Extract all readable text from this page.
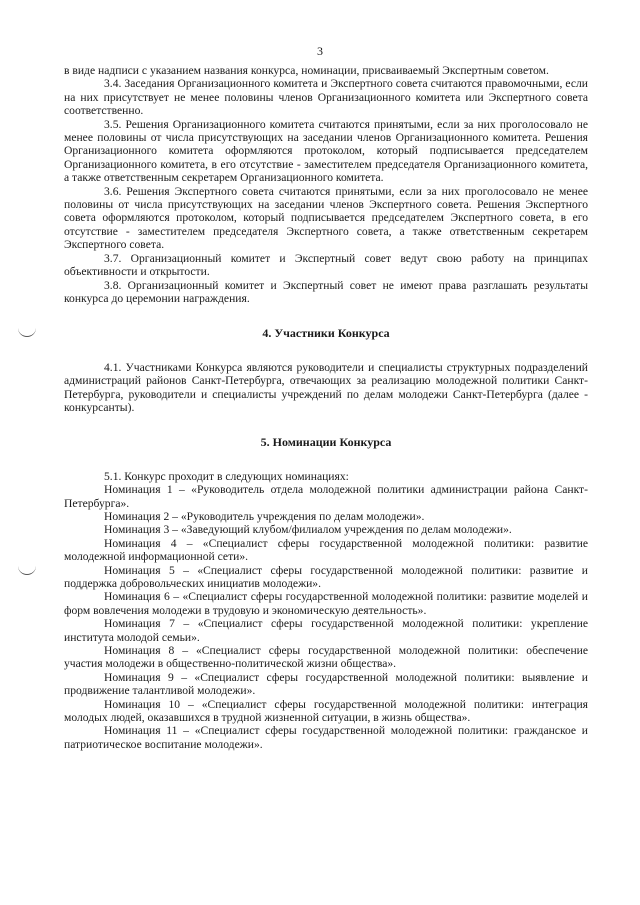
3

в виде надписи с указанием названия конкурса, номинации, присваиваемый Экспертным советом.

3.4. Заседания Организационного комитета и Экспертного совета считаются правомочными, если на них присутствует не менее половины членов Организационного комитета или Экспертного совета соответственно.

3.5. Решения Организационного комитета считаются принятыми, если за них проголосовало не менее половины от числа присутствующих на заседании членов Организационного комитета. Решения Организационного комитета оформляются протоколом, который подписывается председателем Организационного комитета, в его отсутствие - заместителем председателя Организационного комитета, а также ответственным секретарем Организационного комитета.

3.6. Решения Экспертного совета считаются принятыми, если за них проголосовало не менее половины от числа присутствующих на заседании членов Экспертного совета. Решения Экспертного совета оформляются протоколом, который подписывается председателем Экспертного совета, в его отсутствие - заместителем председателя Экспертного совета, а также ответственным секретарем Экспертного совета.

3.7. Организационный комитет и Экспертный совет ведут свою работу на принципах объективности и открытости.

3.8. Организационный комитет и Экспертный совет не имеют права разглашать результаты конкурса до церемонии награждения.

4. Участники Конкурса

4.1. Участниками Конкурса являются руководители и специалисты структурных подразделений администраций районов Санкт-Петербурга, отвечающих за реализацию молодежной политики Санкт-Петербурга, руководители и специалисты учреждений по делам молодежи Санкт-Петербурга (далее - конкурсанты).

5. Номинации Конкурса

5.1. Конкурс проходит в следующих номинациях:

Номинация 1 – «Руководитель отдела молодежной политики администрации района Санкт-Петербурга».

Номинация 2 – «Руководитель учреждения по делам молодежи».

Номинация 3 – «Заведующий клубом/филиалом учреждения по делам молодежи».

Номинация 4 – «Специалист сферы государственной молодежной политики: развитие молодежной информационной сети».

Номинация 5 – «Специалист сферы государственной молодежной политики: развитие и поддержка добровольческих инициатив молодежи».

Номинация 6 – «Специалист сферы государственной молодежной политики: развитие моделей и форм вовлечения молодежи в трудовую и экономическую деятельность».

Номинация 7 – «Специалист сферы государственной молодежной политики: укрепление института молодой семьи».

Номинация 8 – «Специалист сферы государственной молодежной политики: обеспечение участия молодежи в общественно-политической жизни общества».

Номинация 9 – «Специалист сферы государственной молодежной политики: выявление и продвижение талантливой молодежи».

Номинация 10 – «Специалист сферы государственной молодежной политики: интеграция молодых людей, оказавшихся в трудной жизненной ситуации, в жизнь общества».

Номинация 11 – «Специалист сферы государственной молодежной политики: гражданское и патриотическое воспитание молодежи».
